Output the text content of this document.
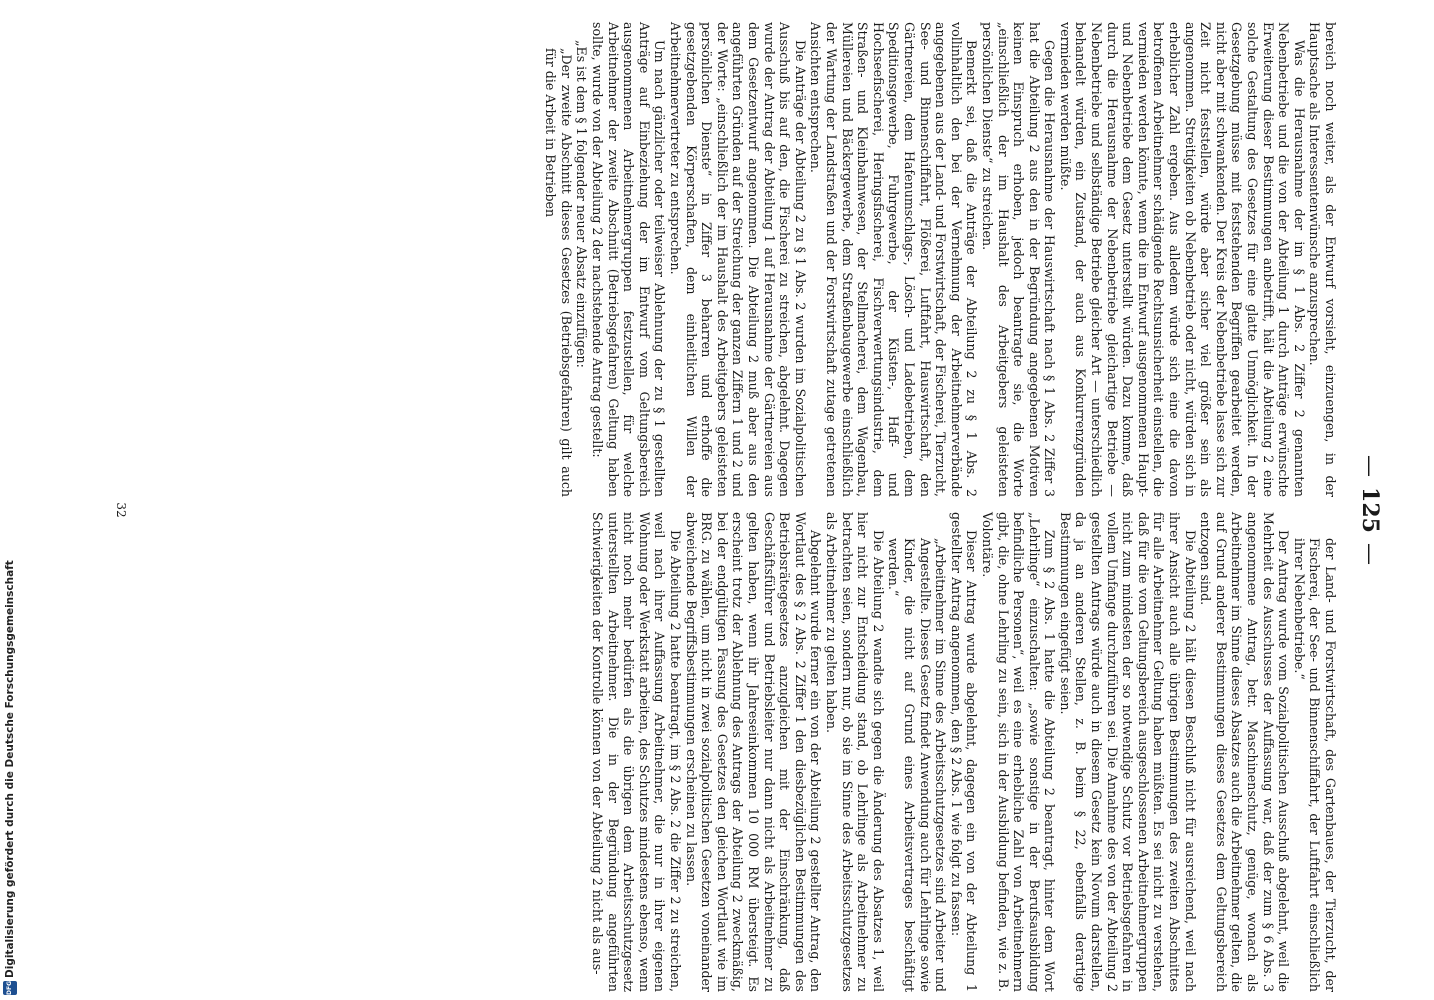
—125—

bereich noch weiter, als der Entwurf vorsieht, einzuengen, in der Hauptsache als Interessentenwünsche anzusprechen.

Was die Herausnahme der im § 1 Abs. 2 Ziffer 2 genannten Nebenbetriebe und die von der Abteilung 1 durch Anträge erwünschte Erweiterung dieser Bestimmungen anbetrifft, hält die Abteilung 2 eine solche Gestaltung des Gesetzes für eine glatte Unmöglichkeit. In der Gesetzgebung müsse mit feststehenden Begriffen gearbeitet werden, nicht aber mit schwankenden. Der Kreis der Nebenbetriebe lasse sich zur Zeit nicht feststellen, würde aber sicher viel größer sein als angenommen. Streitigkeiten ob Nebenbetrieb oder nicht, würden sich in erheblicher Zahl ergeben. Aus alledem würde sich eine die davon betroffenen Arbeitnehmer schädigende Rechtsunsicherheit einstellen, die vermieden werden könnte, wenn die im Entwurf ausgenommenen Haupt- und Nebenbetriebe dem Gesetz unterstellt würden. Dazu komme, daß durch die Herausnahme der Nebenbetriebe gleichartige Betriebe — Nebenbetriebe und selbständige Betriebe gleicher Art — unterschiedlich behandelt würden, ein Zustand, der auch aus Konkurrenzgründen vermieden werden müßte.

Gegen die Herausnahme der Hauswirtschaft nach § 1 Abs. 2 Ziffer 3 hat die Abteilung 2 aus den in der Begründung angegebenen Motiven keinen Einspruch erhoben, jedoch beantragte sie, die Worte „einschließlich der im Haushalt des Arbeitgebers geleisteten persönlichen Dienste“ zu streichen.

Bemerkt sei, daß die Anträge der Abteilung 2 zu § 1 Abs. 2 vollinhaltlich den bei der Vernehmung der Arbeitnehmerverbände angegebenen aus der Land- und Forstwirtschaft, der Fischerei, Tierzucht, See- und Binnenschiffahrt, Flößerei, Luftfahrt, Hauswirtschaft, den Gärtnereien, dem Hafenumschlags-, Lösch- und Ladebetrieben, dem Speditionsgewerbe, Fuhrgewerbe, der Küsten-, Haff- und Hochseefischerei, Heringsfischerei, Fischverwertungsindustrie, dem Straßen- und Kleinbahnwesen, der Stellmacherei, dem Wagenbau, Müllereien und Bäckergewerbe, dem Straßenbaugewerbe einschließlich der Wartung der Landstraßen und der Forstwirtschaft zutage getretenen Ansichten entsprechen.

Die Anträge der Abteilung 2 zu § 1 Abs. 2 wurden im Sozialpolitischen Ausschuß bis auf den, die Fischerei zu streichen, abgelehnt. Dagegen wurde der Antrag der Abteilung 1 auf Herausnahme der Gärtnereien aus dem Gesetzentwurf angenommen. Die Abteilung 2 muß aber aus den angeführten Gründen auf der Streichung der ganzen Ziffern 1 und 2 und der Worte: „einschließlich der im Haushalt des Arbeitgebers geleisteten persönlichen Dienste“ in Ziffer 3 beharren und erhoffe die gesetzgebenden Körperschaften, dem einheitlichen Willen der Arbeitnehmervertreter zu entsprechen.

Um nach gänzlicher oder teilweiser Ablehnung der zu § 1 gestellten Anträge auf Einbeziehung der im Entwurf vom Geltungsbereich ausgenommenen Arbeitnehmergruppen festzustellen, für welche Arbeitnehmer der zweite Abschnitt (Betriebsgefahren) Geltung haben sollte, wurde von der Abteilung 2 der nachstehende Antrag gestellt:

„Es ist dem § 1 folgender neuer Absatz einzufügen:

„Der zweite Abschnitt dieses Gesetzes (Betriebsgefahren) gilt auch für die Arbeit in Betrieben

der Land- und Forstwirtschaft, des Gartenbaues, der Tierzucht, der Fischerei, der See- und Binnenschiffahrt, der Luftfahrt einschließlich ihrer Nebenbetriebe.“

Der Antrag wurde vom Sozialpolitischen Ausschuß abgelehnt, weil die Mehrheit des Ausschusses der Auffassung war, daß der zum § 6 Abs. 3 angenommene Antrag, betr. Maschinenschutz, genüge, wonach als Arbeitnehmer im Sinne dieses Absatzes auch die Arbeitnehmer gelten, die auf Grund anderer Bestimmungen dieses Gesetzes dem Geltungsbereich entzogen sind.

Die Abteilung 2 hält diesen Beschluß nicht für ausreichend, weil nach ihrer Ansicht auch alle übrigen Bestimmungen des zweiten Abschnittes für alle Arbeitnehmer Geltung haben müßten. Es sei nicht zu verstehen, daß für die vom Geltungsbereich ausgeschlossenen Arbeitnehmergruppen nicht zum mindesten der so notwendige Schutz vor Betriebsgefahren in vollem Umfange durchzuführen sei. Die Annahme des von der Abteilung 2 gestellten Antrags würde auch in diesem Gesetz kein Novum darstellen, da ja an anderen Stellen, z. B. beim § 22, ebenfalls derartige Bestimmungen eingefügt seien.

Zum § 2 Abs. 1 hatte die Abteilung 2 beantragt, hinter dem Wort „Lehrlinge“ einzuschalten: „sowie sonstige in der Berufsausbildung befindliche Personen“, weil es eine erhebliche Zahl von Arbeitnehmern gibt, die, ohne Lehrling zu sein, sich in der Ausbildung befinden, wie z. B. Volontäre.

Dieser Antrag wurde abgelehnt, dagegen ein von der Abteilung 1 gestellter Antrag angenommen, den § 2 Abs. 1 wie folgt zu fassen:

„Arbeitnehmer im Sinne des Arbeitsschutzgesetzes sind Arbeiter und Angestellte. Dieses Gesetz findet Anwendung auch für Lehrlinge sowie Kinder, die nicht auf Grund eines Arbeitsvertrages beschäftigt werden.“

Die Abteilung 2 wandte sich gegen die Änderung des Absatzes 1, weil hier nicht zur Entscheidung stand, ob Lehrlinge als Arbeitnehmer zu betrachten seien, sondern nur, ob sie im Sinne des Arbeitsschutzgesetzes als Arbeitnehmer zu gelten haben.

Abgelehnt wurde ferner ein von der Abteilung 2 gestellter Antrag, den Wortlaut des § 2 Abs. 2 Ziffer 1 den diesbezüglichen Bestimmungen des Betriebsrätegesetzes anzugleichen mit der Einschränkung, daß Geschäftsführer und Betriebsleiter nur dann nicht als Arbeitnehmer zu gelten haben, wenn ihr Jahreseinkommen 10 000 RM übersteigt. Es erscheint trotz der Ablehnung des Antrags der Abteilung 2 zweckmäßig, bei der endgültigen Fassung des Gesetzes den gleichen Wortlaut wie im BRG. zu wählen, um nicht in zwei sozialpolitischen Gesetzen voneinander abweichende Begriffsbestimmungen erscheinen zu lassen.

Die Abteilung 2 hatte beantragt, im § 2 Abs. 2 die Ziffer 2 zu streichen, weil nach ihrer Auffassung Arbeitnehmer, die nur in ihrer eigenen Wohnung oder Werkstatt arbeiten, des Schutzes mindestens ebenso, wenn nicht noch mehr bedürfen als die übrigen dem Arbeitsschutzgesetz unterstellten Arbeitnehmer. Die in der Begründung angeführten Schwierigkeiten der Kontrolle können von der Abteilung 2 nicht als aus-

32
DFGDigitalisierung gefördert durch die Deutsche Forschungsgemeinschaft
